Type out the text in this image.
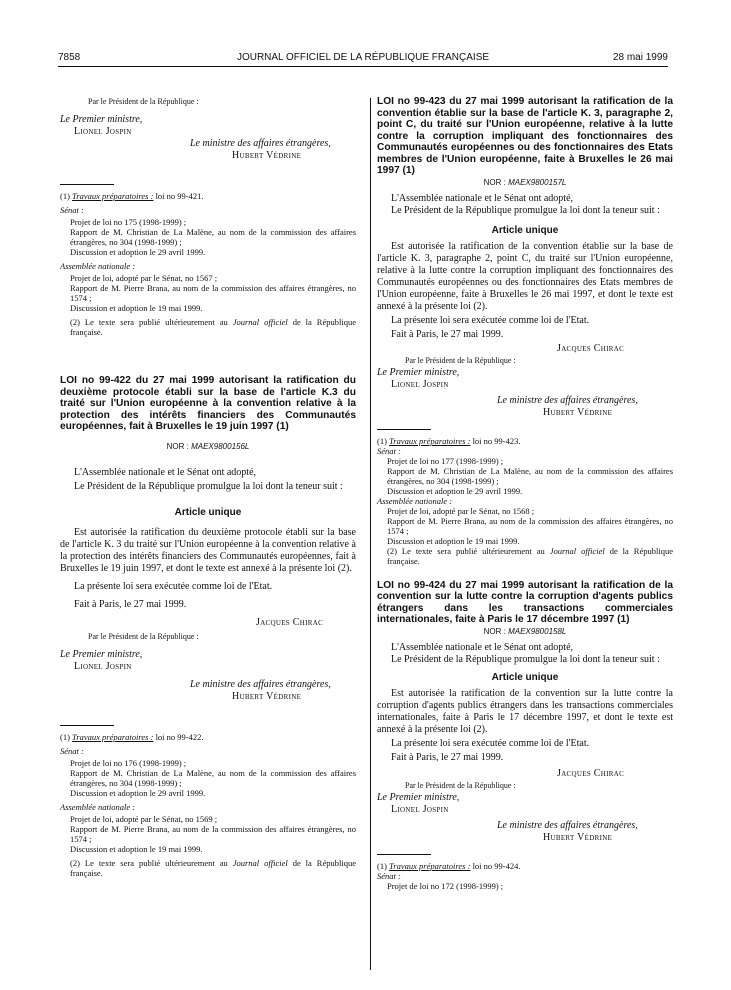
7858	JOURNAL OFFICIEL DE LA RÉPUBLIQUE FRANÇAISE	28 mai 1999

Par le Président de la République :

Le Premier ministre,

Lionel Jospin

Le ministre des affaires étrangères,

Hubert Védrine

(1) Travaux préparatoires : loi no 99-421.

Sénat :

Projet de loi no 175 (1998-1999) ;

Rapport de M. Christian de La Malène, au nom de la commission des affaires étrangères, no 304 (1998-1999) ;

Discussion et adoption le 29 avril 1999.

Assemblée nationale :

Projet de loi, adopté par le Sénat, no 1567 ;

Rapport de M. Pierre Brana, au nom de la commission des affaires étrangères, no 1574 ;

Discussion et adoption le 19 mai 1999.

(2) Le texte sera publié ultérieurement au Journal officiel de la République française.

LOI no 99-422 du 27 mai 1999 autorisant la ratification du deuxième protocole établi sur la base de l'article K.3 du traité sur l'Union européenne à la convention relative à la protection des intérêts financiers des Communautés européennes, fait à Bruxelles le 19 juin 1997 (1)

NOR : MAEX9800156L

L'Assemblée nationale et le Sénat ont adopté,

Le Président de la République promulgue la loi dont la teneur suit :

Article unique

Est autorisée la ratification du deuxième protocole établi sur la base de l'article K. 3 du traité sur l'Union européenne à la convention relative à la protection des intérêts financiers des Communautés européennes, fait à Bruxelles le 19 juin 1997, et dont le texte est annexé à la présente loi (2).

La présente loi sera exécutée comme loi de l'Etat.

Fait à Paris, le 27 mai 1999.

Jacques Chirac

Par le Président de la République :

Le Premier ministre,

Lionel Jospin

Le ministre des affaires étrangères,

Hubert Védrine

(1) Travaux préparatoires : loi no 99-422.

Sénat :

Projet de loi no 176 (1998-1999) ;

Rapport de M. Christian de La Malène, au nom de la commission des affaires étrangères, no 304 (1998-1999) ;

Discussion et adoption le 29 avril 1999.

Assemblée nationale :

Projet de loi, adopté par le Sénat, no 1569 ;

Rapport de M. Pierre Brana, au nom de la commission des affaires étrangères, no 1574 ;

Discussion et adoption le 19 mai 1999.

(2) Le texte sera publié ultérieurement au Journal officiel de la République française.

LOI no 99-423 du 27 mai 1999 autorisant la ratification de la convention établie sur la base de l'article K. 3, paragraphe 2, point C, du traité sur l'Union européenne, relative à la lutte contre la corruption impliquant des fonctionnaires des Communautés européennes ou des fonctionnaires des Etats membres de l'Union européenne, faite à Bruxelles le 26 mai 1997 (1)

NOR : MAEX9800157L

L'Assemblée nationale et le Sénat ont adopté,

Le Président de la République promulgue la loi dont la teneur suit :

Article unique

Est autorisée la ratification de la convention établie sur la base de l'article K. 3, paragraphe 2, point C, du traité sur l'Union européenne, relative à la lutte contre la corruption impliquant des fonctionnaires des Communautés européennes ou des fonctionnaires des Etats membres de l'Union européenne, faite à Bruxelles le 26 mai 1997, et dont le texte est annexé à la présente loi (2).

La présente loi sera exécutée comme loi de l'Etat.

Fait à Paris, le 27 mai 1999.

Jacques Chirac

Par le Président de la République :

Le Premier ministre,

Lionel Jospin

Le ministre des affaires étrangères,

Hubert Védrine

(1) Travaux préparatoires : loi no 99-423.

Sénat :

Projet de loi no 177 (1998-1999) ;

Rapport de M. Christian de La Malène, au nom de la commission des affaires étrangères, no 304 (1998-1999) ;

Discussion et adoption le 29 avril 1999.

Assemblée nationale :

Projet de loi, adopté par le Sénat, no 1568 ;

Rapport de M. Pierre Brana, au nom de la commission des affaires étrangères, no 1574 ;

Discussion et adoption le 19 mai 1999.

(2) Le texte sera publié ultérieurement au Journal officiel de la République française.

LOI no 99-424 du 27 mai 1999 autorisant la ratification de la convention sur la lutte contre la corruption d'agents publics étrangers dans les transactions commerciales internationales, faite à Paris le 17 décembre 1997 (1)

NOR : MAEX9800158L

L'Assemblée nationale et le Sénat ont adopté,

Le Président de la République promulgue la loi dont la teneur suit :

Article unique

Est autorisée la ratification de la convention sur la lutte contre la corruption d'agents publics étrangers dans les transactions commerciales internationales, faite à Paris le 17 décembre 1997, et dont le texte est annexé à la présente loi (2).

La présente loi sera exécutée comme loi de l'Etat.

Fait à Paris, le 27 mai 1999.

Jacques Chirac

Par le Président de la République :

Le Premier ministre,

Lionel Jospin

Le ministre des affaires étrangères,

Hubert Védrine

(1) Travaux préparatoires : loi no 99-424.

Sénat :

Projet de loi no 172 (1998-1999) ;
